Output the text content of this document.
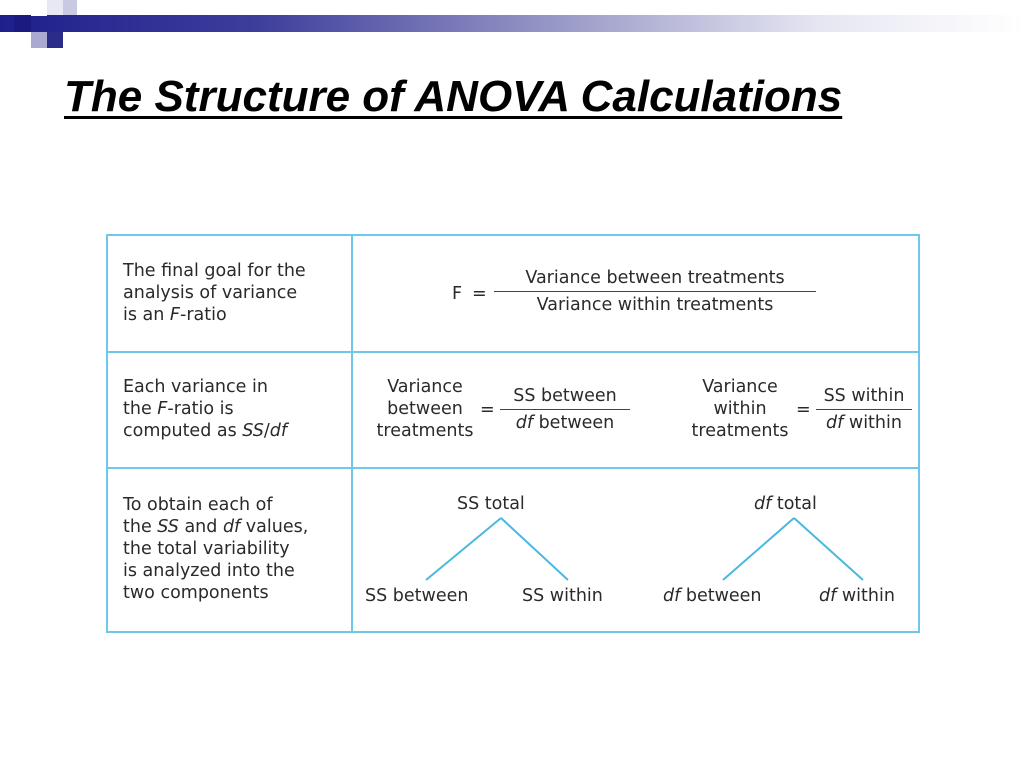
The Structure of ANOVA Calculations
The final goal for the
analysis of variance
is an F-ratio
F =
Variance between treatments
Variance within treatments
Each variance in
the F-ratio is
computed as SS/df
Variance
between
treatments
=
SS between
df between
Variance
within
treatments
=
SS within
df within
To obtain each of
the SS and df values,
the total variability
is analyzed into the
two components
SS total
SS between	SS within
df total
df between	df within
